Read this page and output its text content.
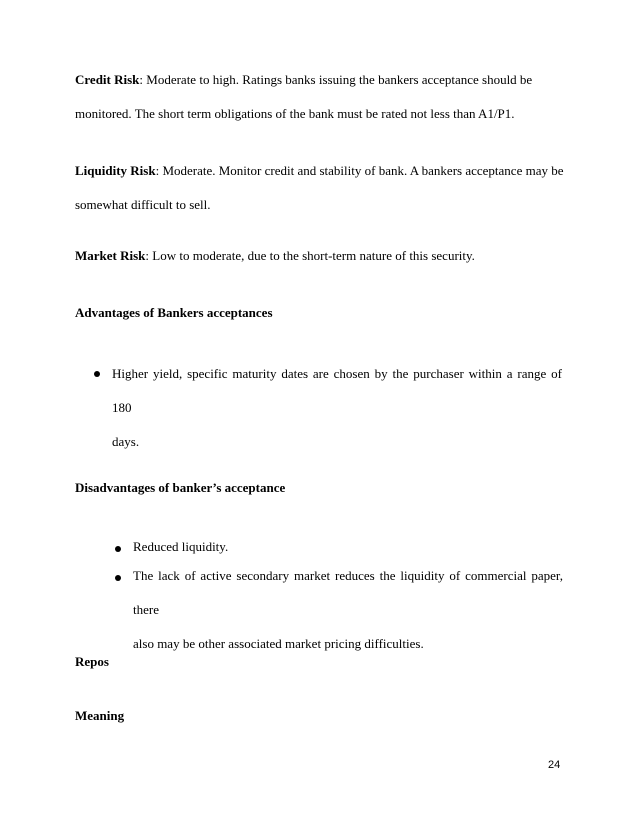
Credit Risk: Moderate to high. Ratings banks issuing the bankers acceptance should be
monitored. The short term obligations of the bank must be rated not less than A1/P1.
Liquidity Risk: Moderate. Monitor credit and stability of bank. A bankers acceptance may be
somewhat difficult to sell.
Market Risk: Low to moderate, due to the short-term nature of this security.
Advantages of Bankers acceptances
Higher yield, specific maturity dates are chosen by the purchaser within a range of 180
days.
Disadvantages of banker’s acceptance
Reduced liquidity.
The lack of active secondary market reduces the liquidity of commercial paper, there
also may be other associated market pricing difficulties.
Repos
Meaning
24
